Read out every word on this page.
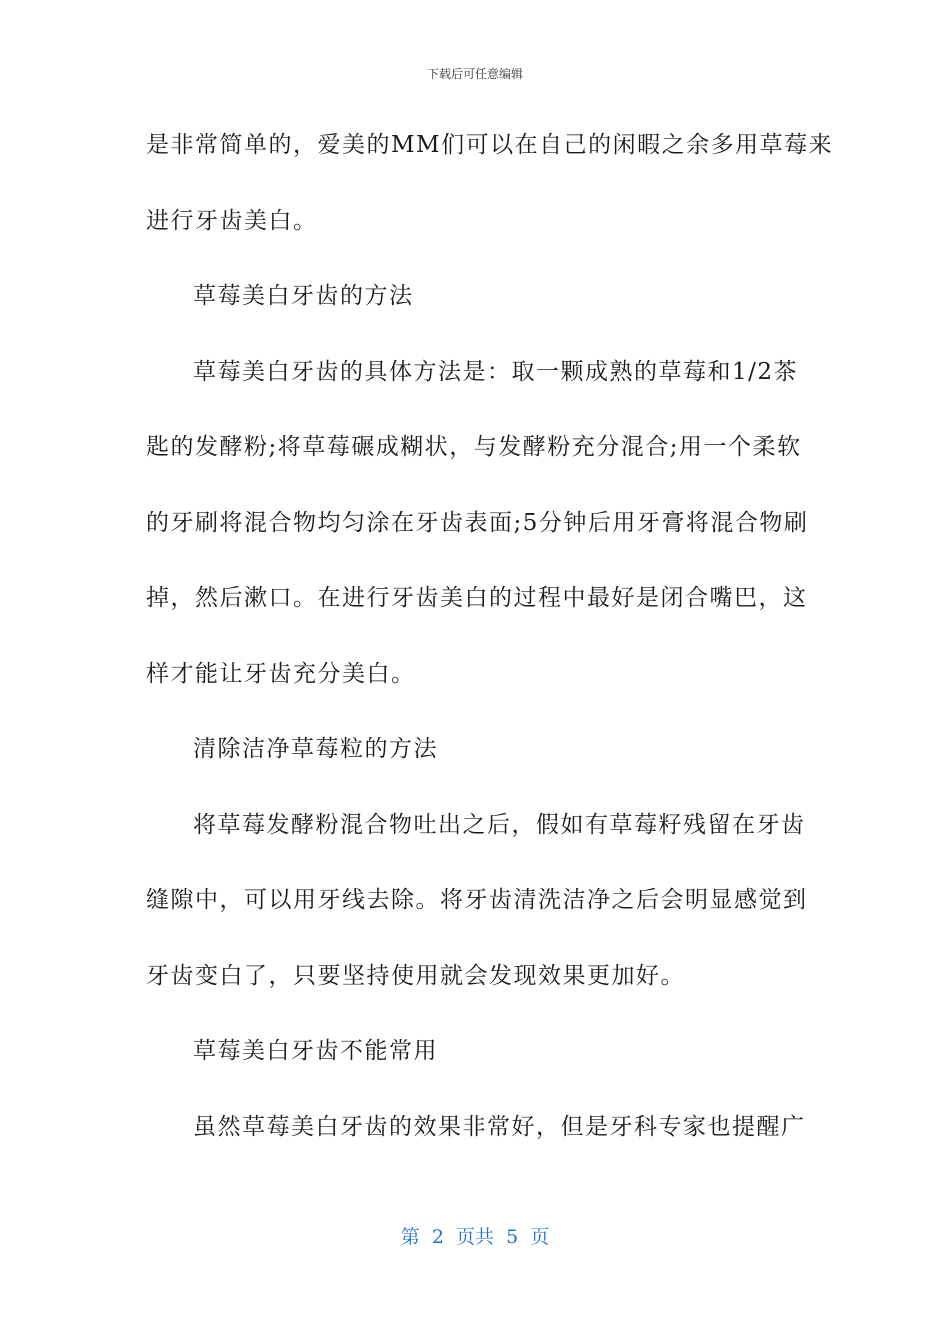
下载后可任意编辑
是非常简单的，爱美的MM们可以在自己的闲暇之余多用草莓来
进行牙齿美白。
草莓美白牙齿的方法
草莓美白牙齿的具体方法是：取一颗成熟的草莓和1/2茶
匙的发酵粉;将草莓碾成糊状，与发酵粉充分混合;用一个柔软
的牙刷将混合物均匀涂在牙齿表面;5分钟后用牙膏将混合物刷
掉，然后漱口。在进行牙齿美白的过程中最好是闭合嘴巴，这
样才能让牙齿充分美白。
清除洁净草莓粒的方法
将草莓发酵粉混合物吐出之后，假如有草莓籽残留在牙齿
缝隙中，可以用牙线去除。将牙齿清洗洁净之后会明显感觉到
牙齿变白了，只要坚持使用就会发现效果更加好。
草莓美白牙齿不能常用
虽然草莓美白牙齿的效果非常好，但是牙科专家也提醒广
第  2  页共  5  页
